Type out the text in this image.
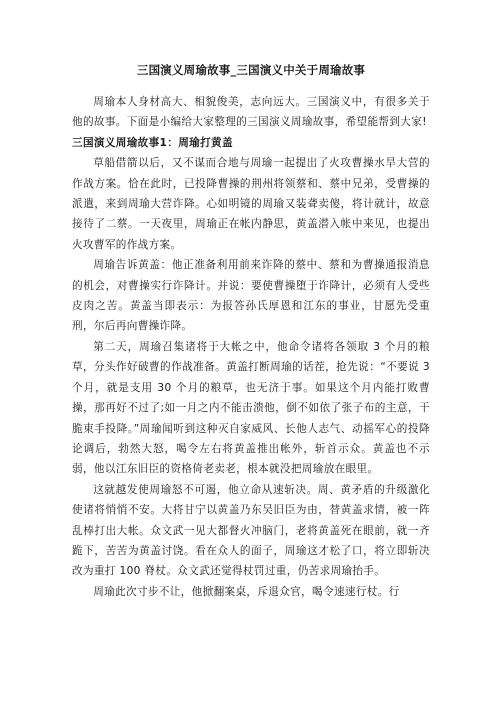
三国演义周瑜故事_三国演义中关于周瑜故事

周瑜本人身材高大、相貌俊美，志向远大。三国演义中，有很多关于他的故事。下面是小编给大家整理的三国演义周瑜故事，希望能帮到大家!

三国演义周瑜故事1：周瑜打黄盖

草船借箭以后，又不谋而合地与周瑜一起提出了火攻曹操水旱大营的作战方案。恰在此时，已投降曹操的荆州将领蔡和、蔡中兄弟，受曹操的派遣，来到周瑜大营诈降。心如明镜的周瑜又装聋卖傻，将计就计，故意接待了二蔡。一天夜里，周瑜正在帐内静思，黄盖潜入帐中来见，也提出火攻曹军的作战方案。

周瑜告诉黄盖：他正准备利用前来诈降的蔡中、蔡和为曹操通报消息的机会，对曹操实行诈降计。并说：要使曹操堕于诈降计，必须有人受些皮肉之苦。黄盖当即表示：为报答孙氏厚恩和江东的事业，甘愿先受重刑，尔后再向曹操诈降。

第二天，周瑜召集诸将于大帐之中，他命令诸将各领取 3 个月的粮草，分头作好破曹的作战准备。黄盖打断周瑜的话茬，抢先说：“不要说 3 个月，就是支用 30 个月的粮草，也无济于事。如果这个月内能打败曹操，那再好不过了;如一月之内不能击溃他，倒不如依了张子布的主意，干脆束手投降。”周瑜闻听到这种灭自家威风、长他人志气、动摇军心的投降论调后，勃然大怒，喝令左右将黄盖推出帐外，斩首示众。黄盖也不示弱，他以江东旧臣的资格倚老卖老，根本就没把周瑜放在眼里。

这就越发使周瑜怒不可遏，他立命从速斩决。周、黄矛盾的升级激化使诸将悄悄不安。大将甘宁以黄盖乃东吴旧臣为由，替黄盖求情，被一阵乱棒打出大帐。众文武一见大都督火冲脑门，老将黄盖死在眼前，就一齐跪下，苦苦为黄盖讨饶。看在众人的面子，周瑜这才松了口，将立即斩决改为重打 100 脊杖。众文武还觉得杖罚过重，仍苦求周瑜抬手。

周瑜此次寸步不让，他掀翻案桌，斥退众官，喝令速速行杖。行
